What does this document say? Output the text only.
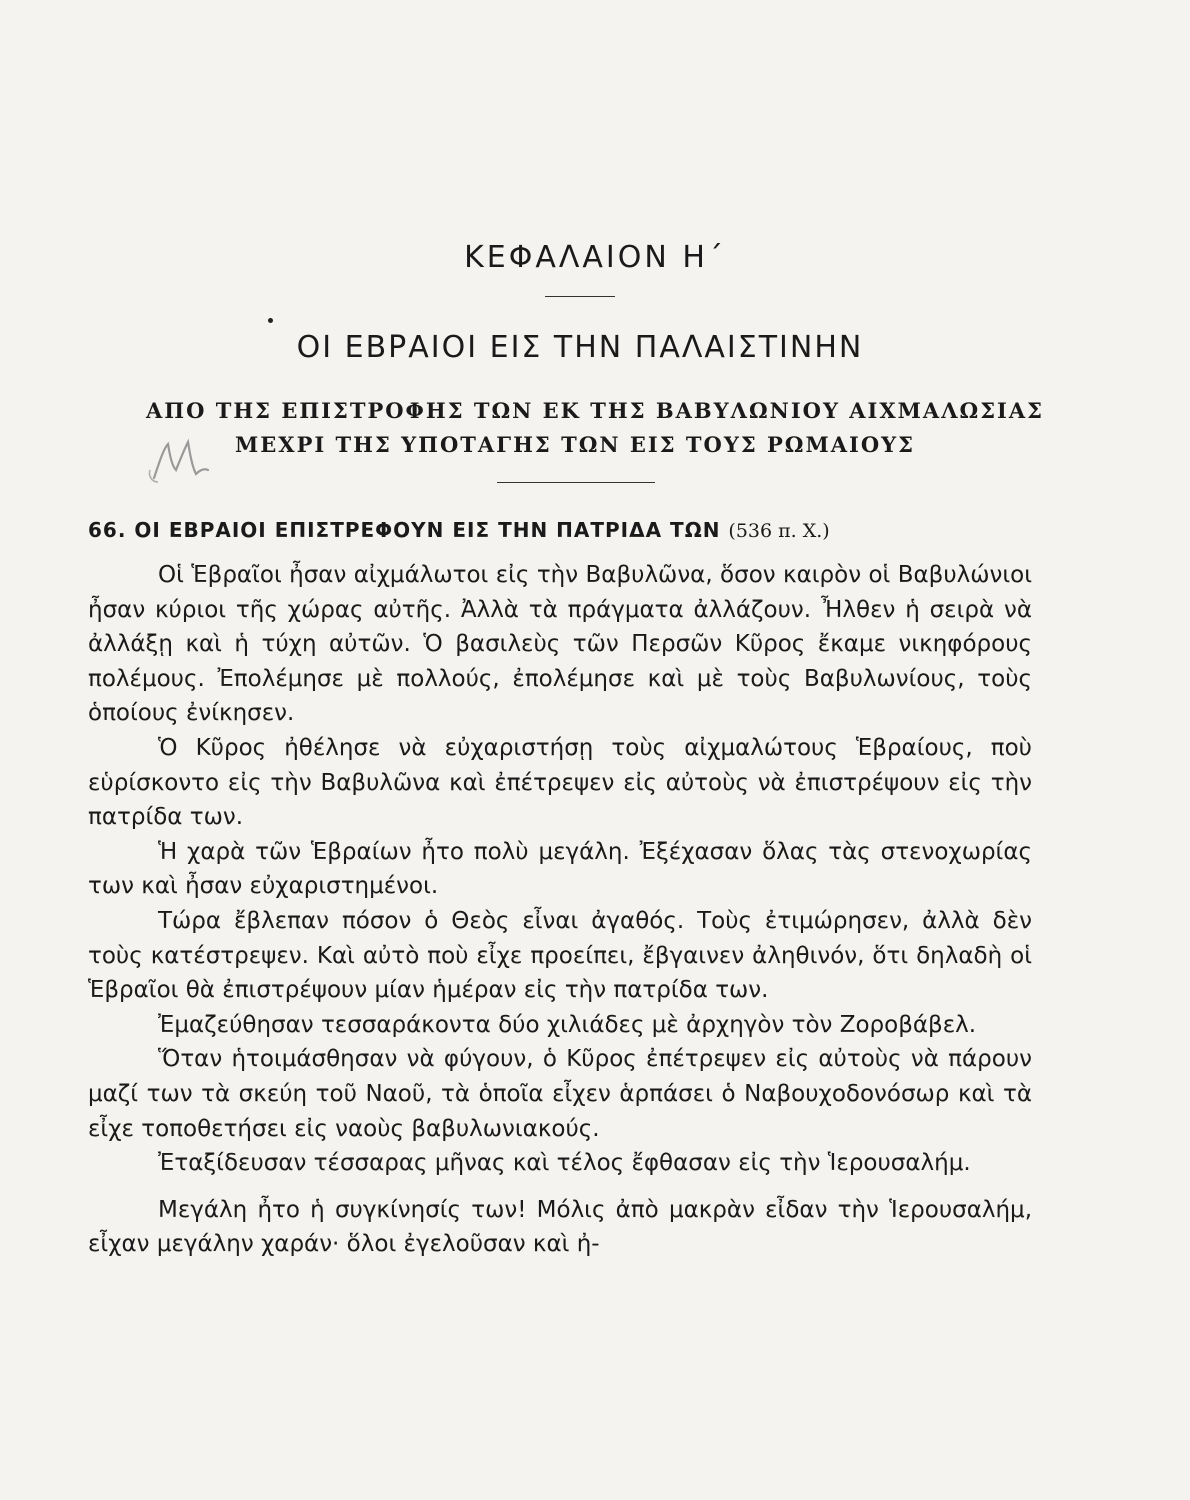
ΚΕΦΑΛΑΙΟΝ Η΄
ΟΙ ΕΒΡΑΙΟΙ ΕΙΣ ΤΗΝ ΠΑΛΑΙΣΤΙΝΗΝ
ΑΠΟ ΤΗΣ ΕΠΙΣΤΡΟΦΗΣ ΤΩΝ ΕΚ ΤΗΣ ΒΑΒΥΛΩΝΙΟΥ ΑΙΧΜΑΛΩΣΙΑΣ
ΜΕΧΡΙ ΤΗΣ ΥΠΟΤΑΓΗΣ ΤΩΝ ΕΙΣ ΤΟΥΣ ΡΩΜΑΙΟΥΣ
66. ΟΙ ΕΒΡΑΙΟΙ ΕΠΙΣΤΡΕΦΟΥΝ ΕΙΣ ΤΗΝ ΠΑΤΡΙΔΑ ΤΩΝ (536 π. Χ.)

Οἱ Ἑβραῖοι ἦσαν αἰχμάλωτοι εἰς τὴν Βαβυλῶνα, ὅσον καιρὸν οἱ Βαβυλώνιοι ἦσαν κύριοι τῆς χώρας αὐτῆς. Ἀλλὰ τὰ πράγματα ἀλλάζουν. Ἦλθεν ἡ σειρὰ νὰ ἀλλάξῃ καὶ ἡ τύχη αὐτῶν. Ὁ βασιλεὺς τῶν Περσῶν Κῦρος ἔκαμε νικηφόρους πολέμους. Ἐπολέμησε μὲ πολλούς, ἐπολέμησε καὶ μὲ τοὺς Βαβυλωνίους, τοὺς ὁποίους ἐνίκησεν.

Ὁ Κῦρος ἠθέλησε νὰ εὐχαριστήσῃ τοὺς αἰχμαλώτους Ἑβραίους, ποὺ εὑρίσκοντο εἰς τὴν Βαβυλῶνα καὶ ἐπέτρεψεν εἰς αὐτοὺς νὰ ἐπιστρέψουν εἰς τὴν πατρίδα των.

Ἡ χαρὰ τῶν Ἑβραίων ἦτο πολὺ μεγάλη. Ἐξέχασαν ὅλας τὰς στενοχωρίας των καὶ ἦσαν εὐχαριστημένοι.

Τώρα ἔβλεπαν πόσον ὁ Θεὸς εἶναι ἀγαθός. Τοὺς ἐτιμώρησεν, ἀλλὰ δὲν τοὺς κατέστρεψεν. Καὶ αὐτὸ ποὺ εἶχε προείπει, ἔβγαινεν ἀληθινόν, ὅτι δηλαδὴ οἱ Ἑβραῖοι θὰ ἐπιστρέψουν μίαν ἡμέραν εἰς τὴν πατρίδα των.

Ἐμαζεύθησαν τεσσαράκοντα δύο χιλιάδες μὲ ἀρχηγὸν τὸν Ζοροβάβελ.

Ὅταν ἡτοιμάσθησαν νὰ φύγουν, ὁ Κῦρος ἐπέτρεψεν εἰς αὐτοὺς νὰ πάρουν μαζί των τὰ σκεύη τοῦ Ναοῦ, τὰ ὁποῖα εἶχεν ἁρπάσει ὁ Ναβουχοδονόσωρ καὶ τὰ εἶχε τοποθετήσει εἰς ναοὺς βαβυλωνιακούς.

Ἐταξίδευσαν τέσσαρας μῆνας καὶ τέλος ἔφθασαν εἰς τὴν Ἱερουσαλήμ.

Μεγάλη ἦτο ἡ συγκίνησίς των! Μόλις ἀπὸ μακρὰν εἶδαν τὴν Ἱερουσαλήμ, εἶχαν μεγάλην χαράν· ὅλοι ἐγελοῦσαν καὶ ἠ-
